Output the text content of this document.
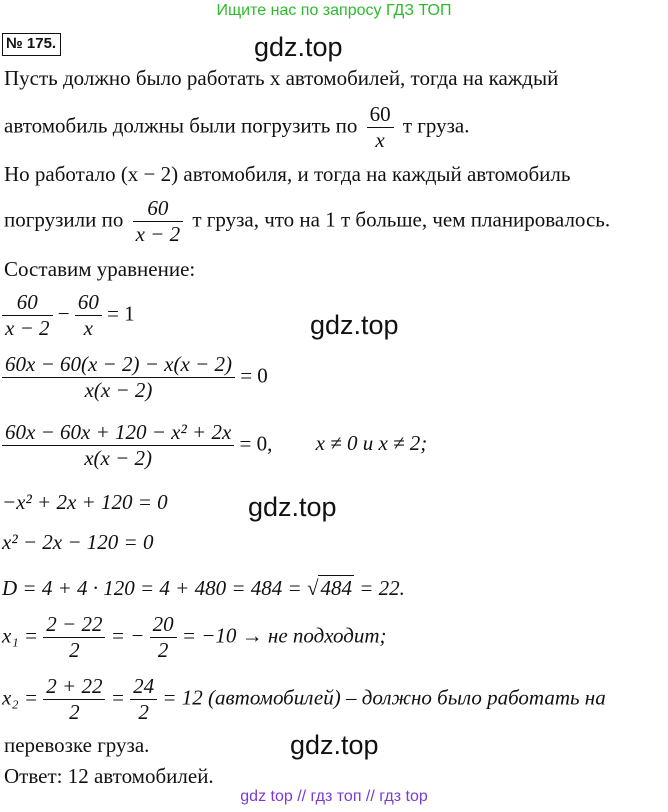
Ищите нас по запросу ГДЗ ТОП
№ 175.	gdz.top
Пусть должно было работать x автомобилей, тогда на каждый
автомобиль должны были погрузить по $\frac{60}{x}$ т груза.
Но работало (x − 2) автомобиля, и тогда на каждый автомобиль
погрузили по $\frac{60}{x - 2}$ т груза, что на 1 т больше, чем планировалось.
Составим уравнение:
$\frac{60}{x - 2} - \frac{60}{x} = 1$	gdz.top
$\frac{60x - 60(x - 2) - x(x - 2)}{x(x - 2)} = 0$
$\frac{\text{60x − 60x + 120 − x² + 2x}}{x(x - 2)} = 0$, x ≠ 0 и x ≠ 2;
−x² + 2x + 120 = 0	gdz.top
x² − 2x − 120 = 0
D = 4 + 4 · 120 = 4 + 480 = 484 = √484 = 22.
$x_1 = \frac{2 - 22}{2}$ = − $\frac{20}{2} = -10$ → не подходит;
$x_2 = \frac{2 + 22}{2} = \frac{24}{2} = 12$ (автомобилей) – должно было работать на
перевозке груза.	gdz.top
Ответ: 12 автомобилей.
gdz top // гдз топ // гдз top
